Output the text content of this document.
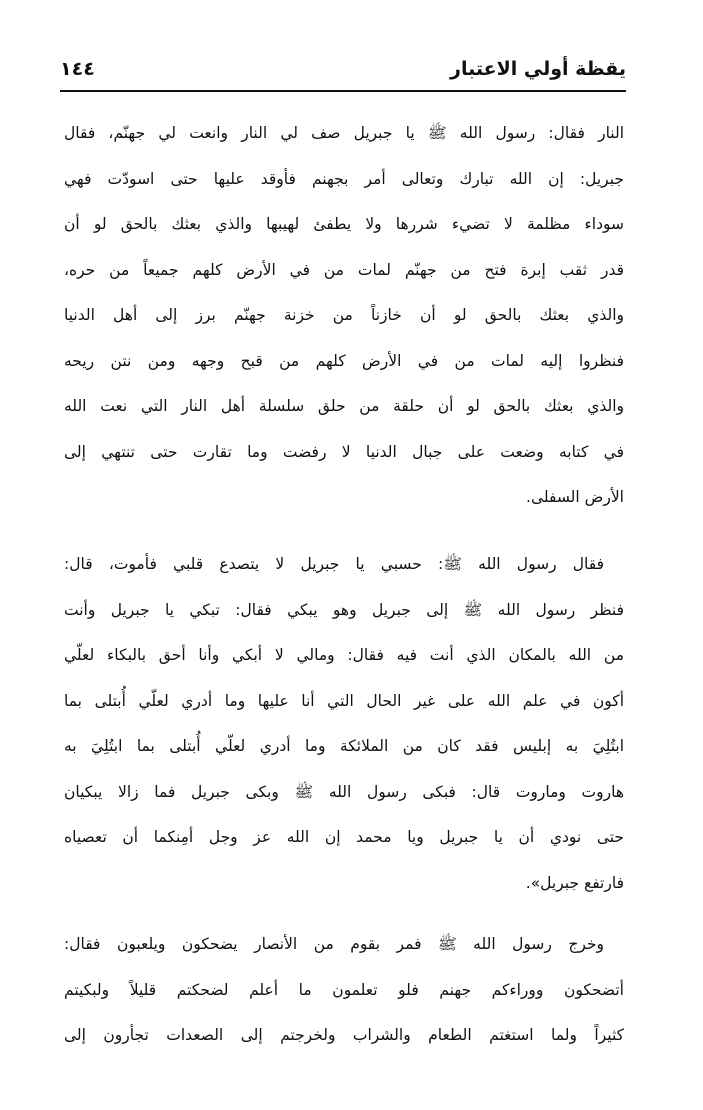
يقظة أولي الاعتبار
١٤٤
النار فقال: رسول الله ﷺ يا جبريل صف لي النار وانعت لي جهنّم، فقال
جبريل: إن الله تبارك وتعالى أمر بجهنم فأوقد عليها حتى اسودّت فهي
سوداء مظلمة لا تضيء شررها ولا يطفئ لهيبها والذي بعثك بالحق لو أن
قدر ثقب إبرة فتح من جهنّم لمات من في الأرض كلهم جميعاً من حره،
والذي بعثك بالحق لو أن خازناً من خزنة جهنّم برز إلى أهل الدنيا
فنظروا إليه لمات من في الأرض كلهم من قبح وجهه ومن نتن ريحه
والذي بعثك بالحق لو أن حلقة من حلق سلسلة أهل النار التي نعت الله
في كتابه وضعت على جبال الدنيا لا رفضت وما تقارت حتى تنتهي إلى
الأرض السفلى.
فقال رسول الله ﷺ: حسبي يا جبريل لا يتصدع قلبي فأموت، قال:
فنظر رسول الله ﷺ إلى جبريل وهو يبكي فقال: تبكي يا جبريل وأنت
من الله بالمكان الذي أنت فيه فقال: ومالي لا أبكي وأنا أحق بالبكاء لعلّي
أكون في علم الله على غير الحال التي أنا عليها وما أدري لعلّي أُبتلى بما
ابتُلِيَ به إبليس فقد كان من الملائكة وما أدري لعلّي أُبتلى بما ابتُلِيَ به
هاروت وماروت قال: فبكى رسول الله ﷺ وبكى جبريل فما زالا يبكيان
حتى نودي أن يا جبريل ويا محمد إن الله عز وجل أمِنكما أن تعصياه
فارتفع جبريل».
وخرج رسول الله ﷺ فمر بقوم من الأنصار يضحكون ويلعبون فقال:
أتضحكون ووراءكم جهنم فلو تعلمون ما أعلم لضحكتم قليلاً ولبكيتم
كثيراً ولما استغتم الطعام والشراب ولخرجتم إلى الصعدات تجأرون إلى
